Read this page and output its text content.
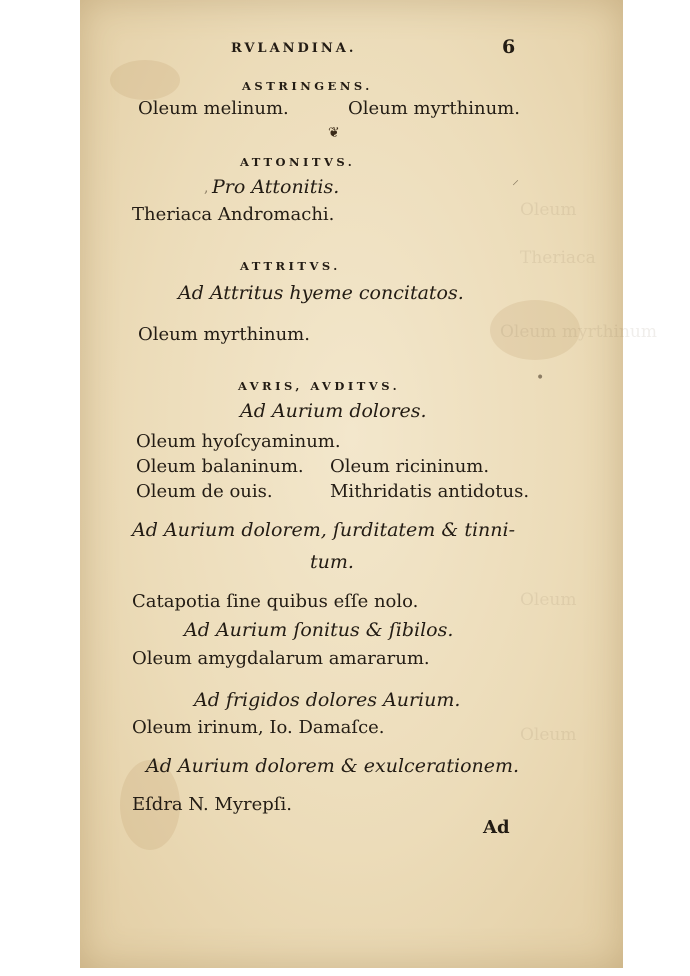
Oleum
Oleum myrthinum
Theriaca
Oleum
Oleum
RVLANDINA.	6
ASTRINGENS.
Oleum melinum.	Oleum myrthinum.
❦
ATTONITVS.
, Pro Attonitis.	⸍
Theriaca Andromachi.
ATTRITVS.
Ad Attritus hyeme concitatos.
Oleum myrthinum.
•
AVRIS, AVDITVS.
Ad Aurium dolores.
Oleum hyoſcyaminum.
Oleum balaninum. Oleum ricininum.
Oleum de ouis.	Mithridatis antidotus.
Ad Aurium dolorem, ſurditatem & tinni-
tum.
Catapotia ſine quibus eſſe nolo.
Ad Aurium ſonitus & ſibilos.
Oleum amygdalarum amararum.
Ad frigidos dolores Aurium.
Oleum irinum, Io. Damaſce.
Ad Aurium dolorem & exulcerationem.
Eſdra N. Myrepſi.
Ad
